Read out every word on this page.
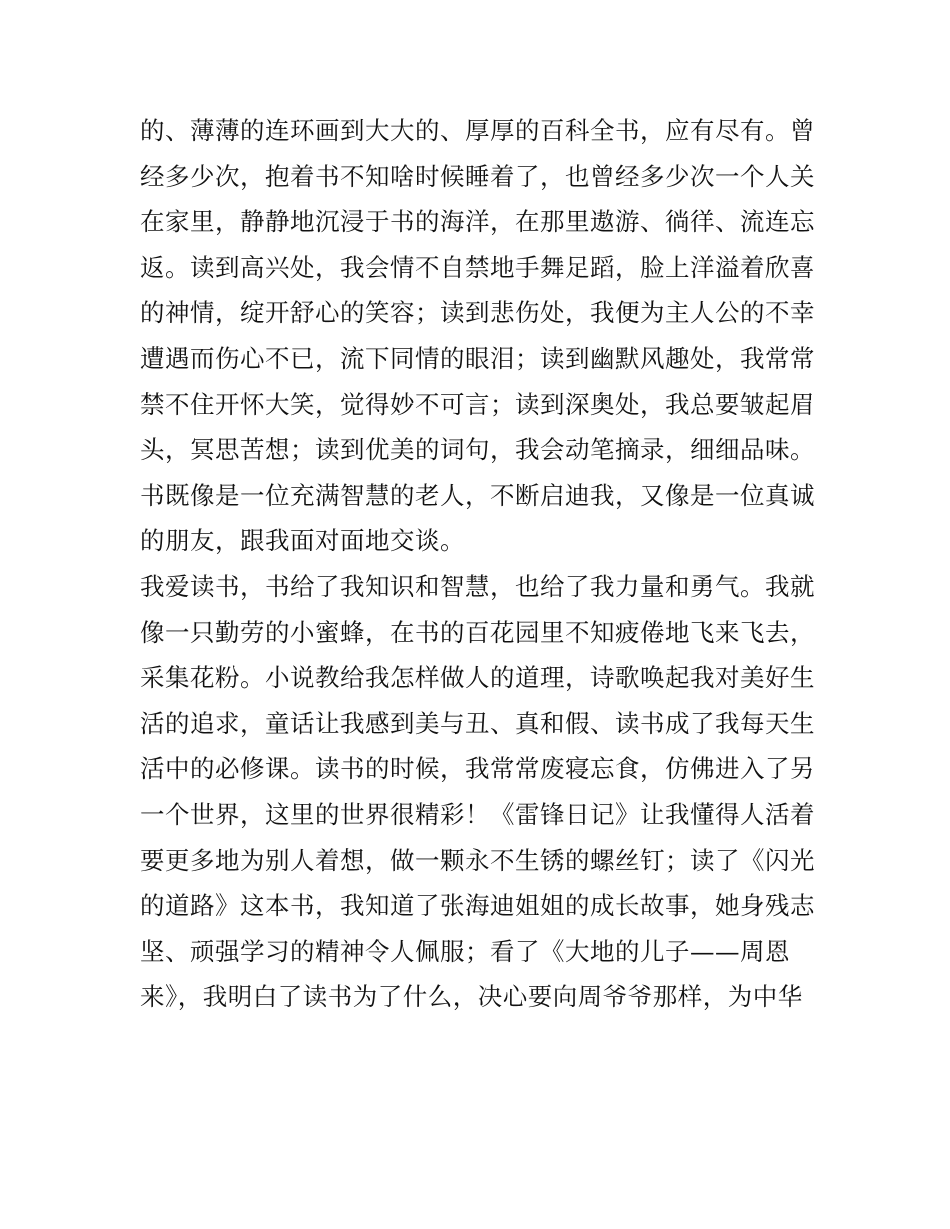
的、薄薄的连环画到大大的、厚厚的百科全书，应有尽有。曾
经多少次，抱着书不知啥时候睡着了，也曾经多少次一个人关
在家里，静静地沉浸于书的海洋，在那里遨游、徜徉、流连忘
返。读到高兴处，我会情不自禁地手舞足蹈，脸上洋溢着欣喜
的神情，绽开舒心的笑容；读到悲伤处，我便为主人公的不幸
遭遇而伤心不已，流下同情的眼泪；读到幽默风趣处，我常常
禁不住开怀大笑，觉得妙不可言；读到深奥处，我总要皱起眉
头，冥思苦想；读到优美的词句，我会动笔摘录，细细品味。
书既像是一位充满智慧的老人，不断启迪我，又像是一位真诚
的朋友，跟我面对面地交谈。
我爱读书，书给了我知识和智慧，也给了我力量和勇气。我就
像一只勤劳的小蜜蜂，在书的百花园里不知疲倦地飞来飞去，
采集花粉。小说教给我怎样做人的道理，诗歌唤起我对美好生
活的追求，童话让我感到美与丑、真和假、读书成了我每天生
活中的必修课。读书的时候，我常常废寝忘食，仿佛进入了另
一个世界，这里的世界很精彩！《雷锋日记》让我懂得人活着
要更多地为别人着想，做一颗永不生锈的螺丝钉；读了《闪光
的道路》这本书，我知道了张海迪姐姐的成长故事，她身残志
坚、顽强学习的精神令人佩服；看了《大地的儿子——周恩
来》，我明白了读书为了什么，决心要向周爷爷那样，为中华
